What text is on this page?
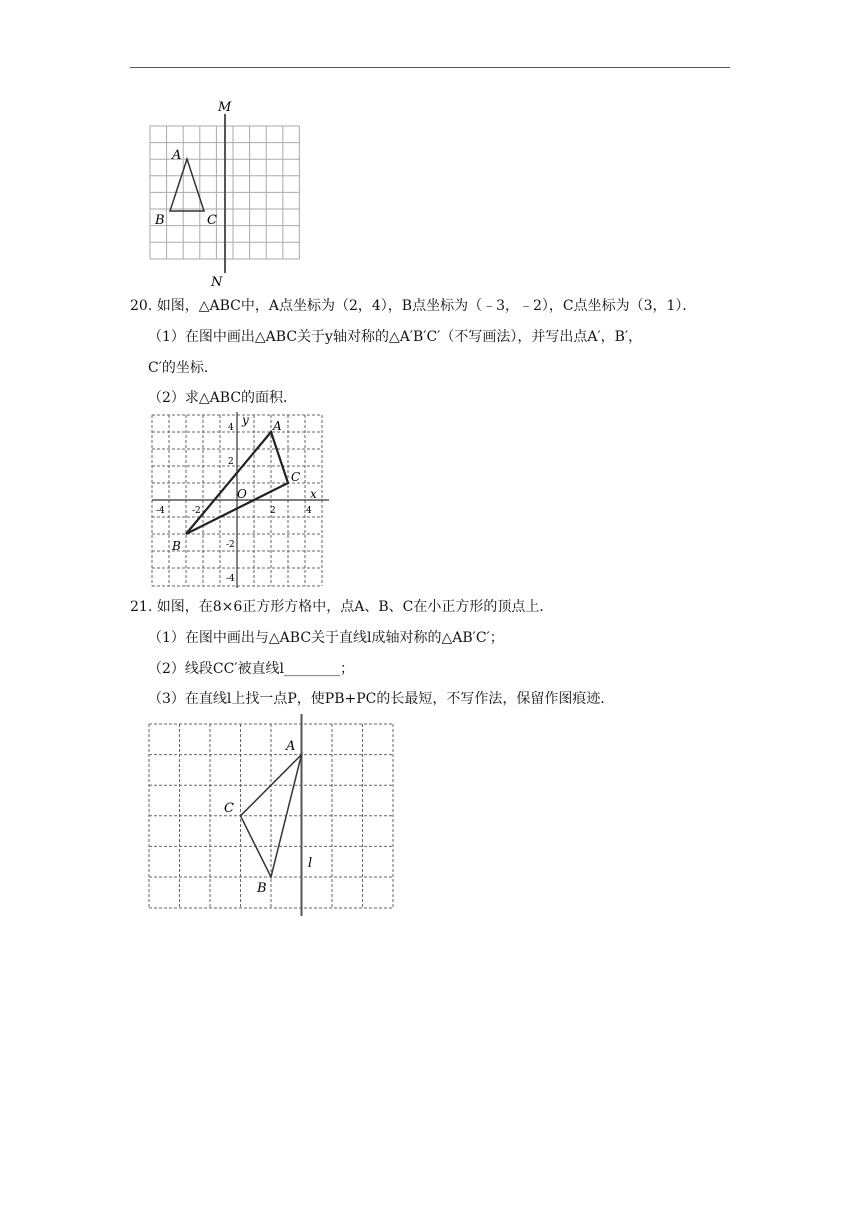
M
N
A
B	C
20. 如图，△ABC中，A点坐标为（2，4），B点坐标为（﹣3，﹣2），C点坐标为（3，1）．
（1）在图中画出△ABC关于y轴对称的△A′B′C′（不写画法），并写出点A′，B′，
C′的坐标．
（2）求△ABC的面积．
x
y
O
-4	-2	2	4
4
2
-2
-4
A
B
C
21. 如图，在8×6正方形方格中，点A、B、C在小正方形的顶点上．
（1）在图中画出与△ABC关于直线l成轴对称的△AB′C′；
（2）线段CC′被直线l________；
（3）在直线l上找一点P，使PB+PC的长最短，不写作法，保留作图痕迹．
A
B
C
l
